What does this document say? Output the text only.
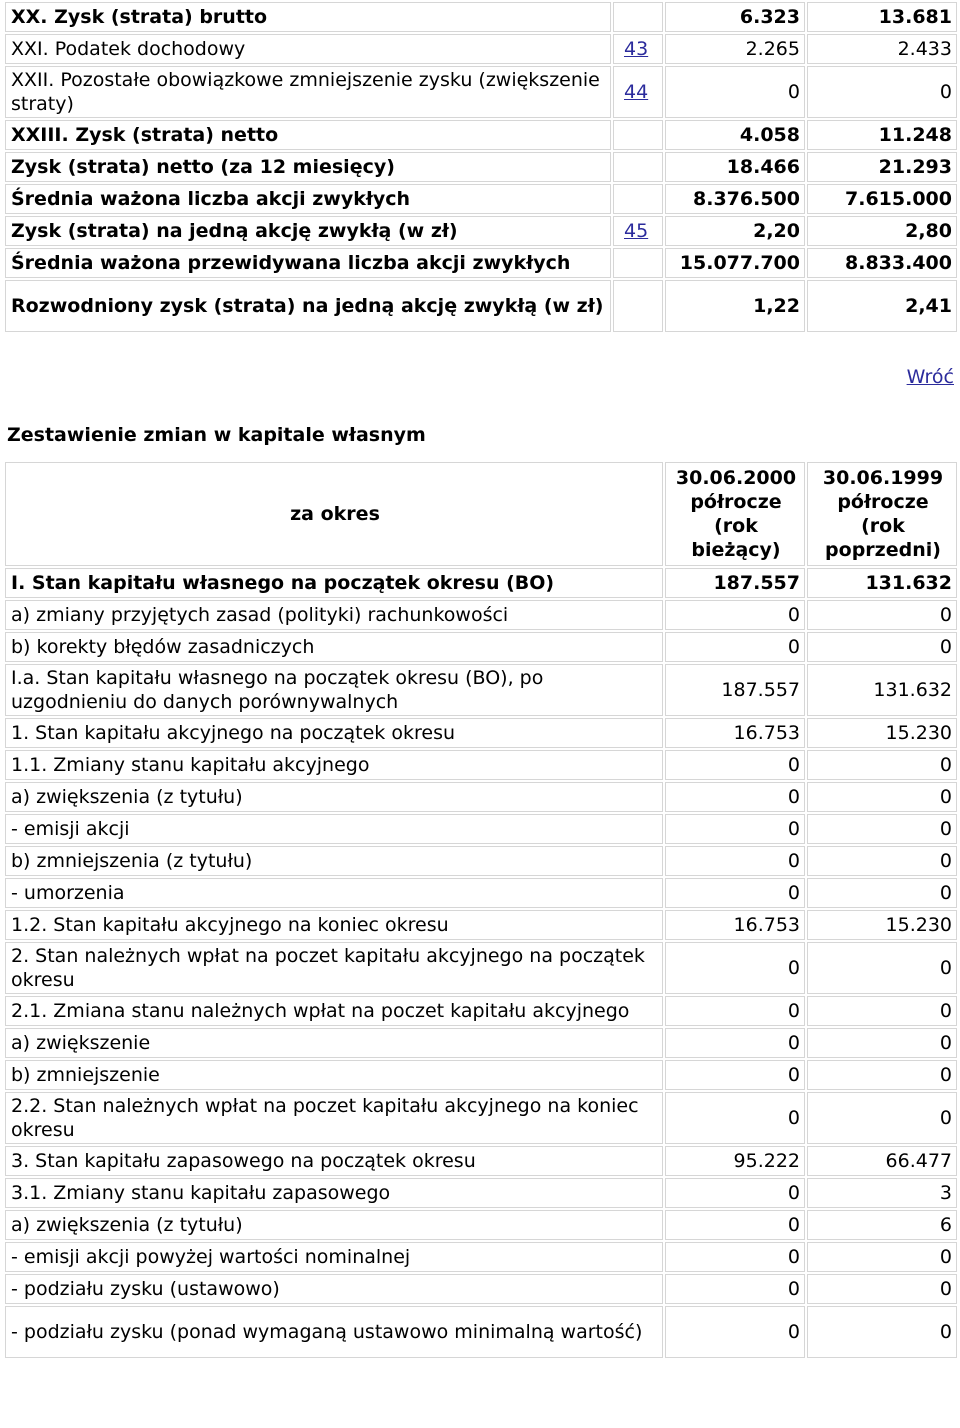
XX. Zysk (strata) brutto		6.323	13.681
XXI. Podatek dochodowy	43	2.265	2.433
XXII. Pozostałe obowiązkowe zmniejszenie zysku (zwiększenie straty)	44	0	0
XXIII. Zysk (strata) netto		4.058	11.248
Zysk (strata) netto (za 12 miesięcy)		18.466	21.293
Średnia ważona liczba akcji zwykłych		8.376.500	7.615.000
Zysk (strata) na jedną akcję zwykłą (w zł)	45	2,20	2,80
Średnia ważona przewidywana liczba akcji zwykłych		15.077.700	8.833.400
Rozwodniony zysk (strata) na jedną akcję zwykłą (w zł)		1,22	2,41
Wróć
Zestawienie zmian w kapitale własnym
za okres	30.06.2000 półrocze (rok bieżący)	30.06.1999 półrocze (rok poprzedni)
I. Stan kapitału własnego na początek okresu (BO)	187.557	131.632
a) zmiany przyjętych zasad (polityki) rachunkowości	0	0
b) korekty błędów zasadniczych	0	0
I.a. Stan kapitału własnego na początek okresu (BO), po uzgodnieniu do danych porównywalnych	187.557	131.632
1. Stan kapitału akcyjnego na początek okresu	16.753	15.230
1.1. Zmiany stanu kapitału akcyjnego	0	0
a) zwiększenia (z tytułu)	0	0
- emisji akcji	0	0
b) zmniejszenia (z tytułu)	0	0
- umorzenia	0	0
1.2. Stan kapitału akcyjnego na koniec okresu	16.753	15.230
2. Stan należnych wpłat na poczet kapitału akcyjnego na początek okresu	0	0
2.1. Zmiana stanu należnych wpłat na poczet kapitału akcyjnego	0	0
a) zwiększenie	0	0
b) zmniejszenie	0	0
2.2. Stan należnych wpłat na poczet kapitału akcyjnego na koniec okresu	0	0
3. Stan kapitału zapasowego na początek okresu	95.222	66.477
3.1. Zmiany stanu kapitału zapasowego	0	3
a) zwiększenia (z tytułu)	0	6
- emisji akcji powyżej wartości nominalnej	0	0
- podziału zysku (ustawowo)	0	0
- podziału zysku (ponad wymaganą ustawowo minimalną wartość)	0	0
